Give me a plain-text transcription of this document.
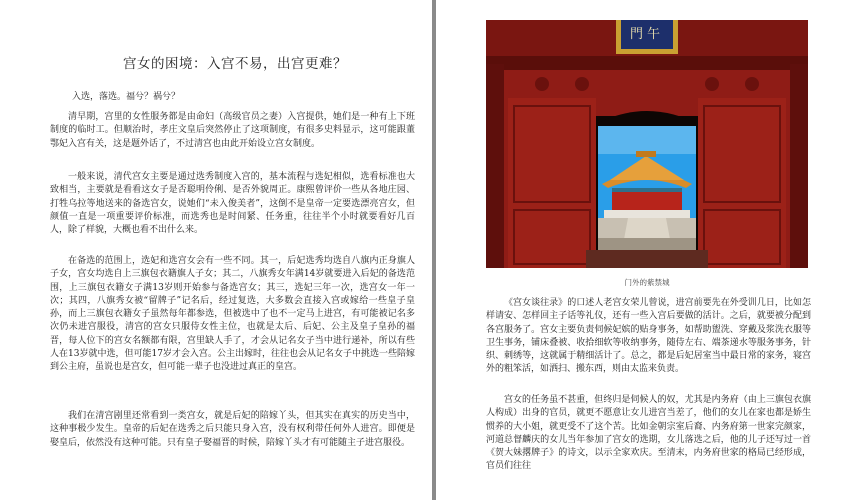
宫女的困境：入宫不易，出宫更难？

入选，落选。福兮？祸兮？

清早期，宫里的女性服务都是由命妇（高级官员之妻）入宫提供，她们是一种有上下班制度的临时工。但顺治时，孝庄文皇后突然停止了这项制度，有很多史料显示，这可能跟董鄂妃入宫有关，这是题外话了，不过清宫也由此开始设立宫女制度。

一般来说，清代宫女主要是通过选秀制度入宫的，基本流程与选妃相似，选看标准也大致相当，主要就是看看这女子是否聪明伶俐、是否外貌周正。康熙曾评价一些从各地庄园、打牲乌拉等地送来的备选宫女，说她们“未入俊美者”，这倒不是皇帝一定要选漂亮宫女，但颜值一直是一项重要评价标准，而选秀也是时间紧、任务重，往往半个小时就要看好几百人，除了样貌，大概也看不出什么来。

在备选的范围上，选妃和选宫女会有一些不同。其一，后妃选秀均选自八旗内正身旗人子女，宫女均选自上三旗包衣籍旗人子女；其二，八旗秀女年满14岁就要进入后妃的备选范围，上三旗包衣籍女子满13岁则开始参与备选宫女；其三，选妃三年一次，选宫女一年一次；其四，八旗秀女被“留牌子”记名后，经过复选，大多数会直接入宫或嫁给一些皇子皇孙，而上三旗包衣籍女子虽然每年都参选，但被选中了也不一定马上进宫，有可能被记名多次仍未进宫服役，清宫的宫女只服侍女性主位，也就是太后、后妃、公主及皇子皇孙的福晋，每人位下的宫女名额都有限，宫里缺人手了，才会从记名女子当中进行递补，所以有些人在13岁就中选，但可能17岁才会入宫。公主出嫁时，往往也会从记名女子中挑选一些陪嫁到公主府，虽说也是宫女，但可能一辈子也没进过真正的皇宫。

我们在清宫剧里还常看到一类宫女，就是后妃的陪嫁丫头，但其实在真实的历史当中，这种事极少发生。皇帝的后妃在选秀之后只能只身入宫，没有权利带任何外人进宫。即便是娶皇后，依然没有这种可能。只有皇子娶福晋的时候，陪嫁丫头才有可能随主子进宫服役。

門午
门外的紫禁城

《宫女谈往录》的口述人老宫女荣儿曾说，进宫前要先在外受训几日，比如怎样请安、怎样回主子话等礼仪，还有一些入宫后要做的活计。之后，就要被分配到各宫服务了。宫女主要负责伺候妃嫔的贴身事务，如帮助盥洗、穿戴及浆洗衣服等卫生事务，铺床叠被、收拾细软等收纳事务，随侍左右、端茶递水等服务事务，针织、刺绣等，这就属于精细活计了。总之，都是后妃居室当中最日常的家务，寝宫外的粗笨活，如洒扫、搬东西，则由太监来负责。

宫女的任务虽不甚重，但终归是伺候人的奴，尤其是内务府（由上三旗包衣旗人构成）出身的官员，就更不愿意让女儿进宫当差了，他们的女儿在家也都是娇生惯养的大小姐，就更受不了这个苦。比如金朝宗室后裔、内务府第一世家完颜家，河道总督麟庆的女儿当年参加了宫女的选期，女儿落选之后，他的儿子还写过一首《贺大妹撂牌子》的诗文，以示全家欢庆。至清末，内务府世家的格局已经形成，官员们往往
